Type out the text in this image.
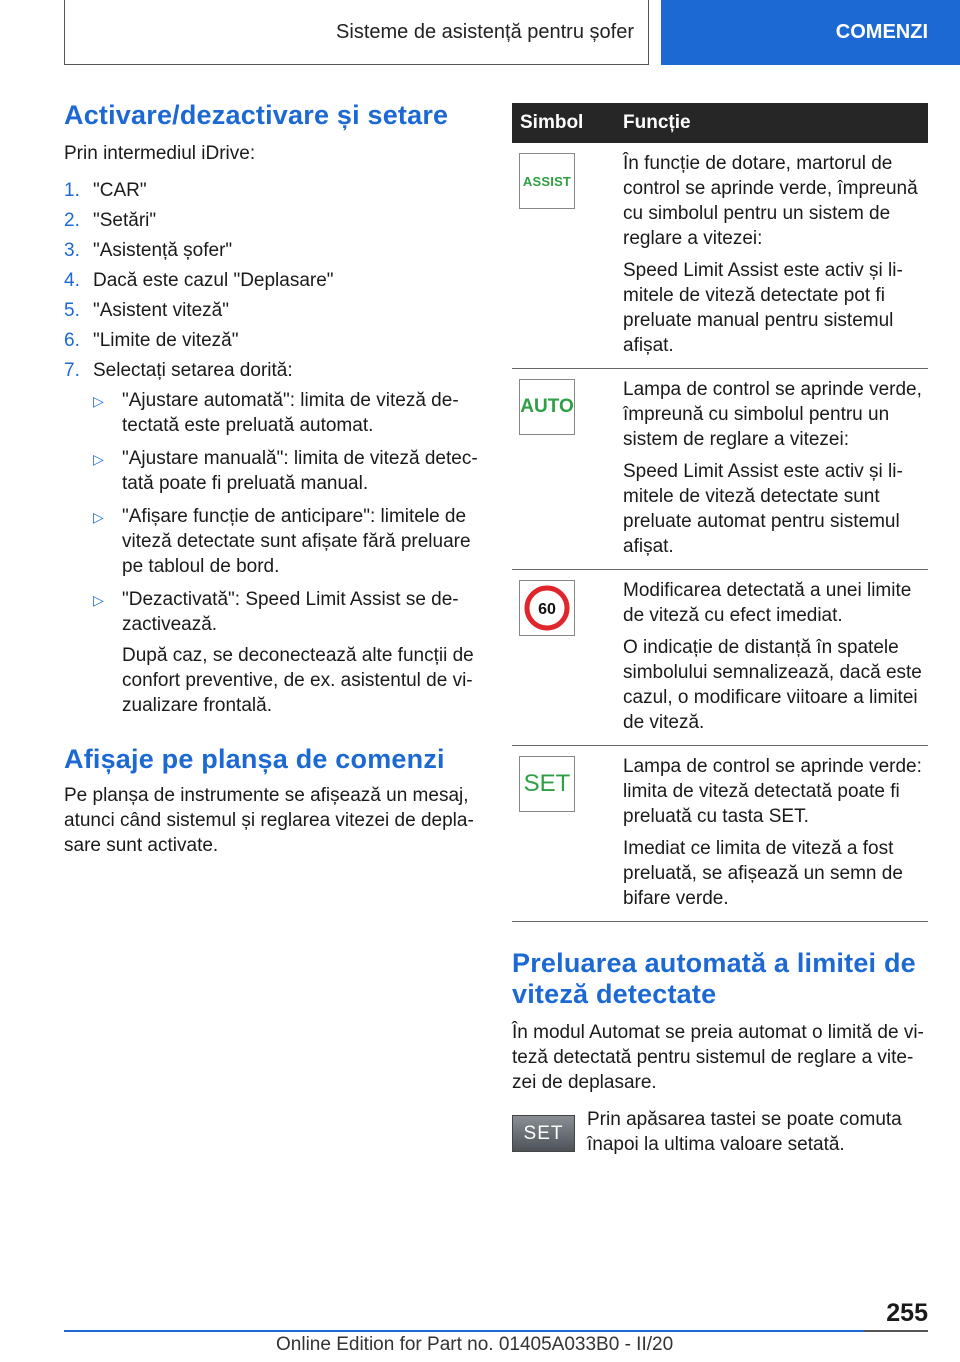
Sisteme de asistență pentru șofer	COMENZI
Activare/dezactivare și setare

Prin intermediul iDrive:

1. "CAR"
2. "Setări"
3. "Asistență șofer"
4. Dacă este cazul "Deplasare"
5. "Asistent viteză"
6. "Limite de viteză"
7. Selectați setarea dorită:
▷ "Ajustare automată": limita de viteză de-tectată este preluată automat.
▷ "Ajustare manuală": limita de viteză detec-tată poate fi preluată manual.
▷ "Afișare funcție de anticipare": limitele de viteză detectate sunt afișate fără preluare pe tabloul de bord.
▷ "Dezactivată": Speed Limit Assist se de-zactivează.

După caz, se deconectează alte funcții de confort preventive, de ex. asistentul de vi-zualizare frontală.

Afișaje pe planșa de comenzi

Pe planșa de instrumente se afișează un mesaj, atunci când sistemul și reglarea vitezei de depla-sare sunt activate.

Simbol	Funcție

ASSIST	În funcție de dotare, martorul de control se aprinde verde, împreună cu simbolul pentru un sistem de reglare a vitezei:

Speed Limit Assist este activ și li-mitele de viteză detectate pot fi preluate manual pentru sistemul afișat.

AUTO	Lampa de control se aprinde verde, împreună cu simbolul pentru un sistem de reglare a vitezei:

Speed Limit Assist este activ și li-mitele de viteză detectate sunt preluate automat pentru sistemul afișat.

60	Modificarea detectată a unei limite de viteză cu efect imediat.

O indicație de distanță în spatele simbolului semnalizează, dacă este cazul, o modificare viitoare a limitei de viteză.

SET	Lampa de control se aprinde verde: limita de viteză detectată poate fi preluată cu tasta SET.

Imediat ce limita de viteză a fost preluată, se afișează un semn de bifare verde.

Preluarea automată a limitei de viteză detectate

În modul Automat se preia automat o limită de vi-teză detectată pentru sistemul de reglare a vite-zei de deplasare.

SET

Prin apăsarea tastei se poate comuta înapoi la ultima valoare setată.

255
Online Edition for Part no. 01405A033B0 - II/20
